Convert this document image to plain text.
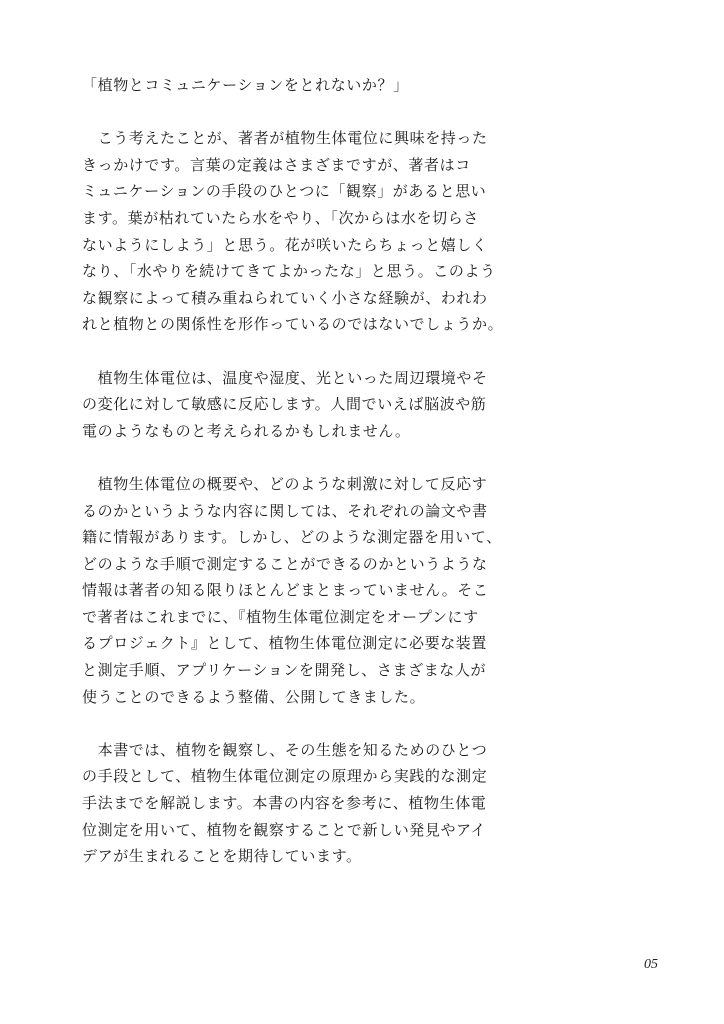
「植物とコミュニケーションをとれないか？」
　こう考えたことが、著者が植物生体電位に興味を持った
きっかけです。言葉の定義はさまざまですが、著者はコ
ミュニケーションの手段のひとつに「観察」があると思い
ます。葉が枯れていたら水をやり、「次からは水を切らさ
ないようにしよう」と思う。花が咲いたらちょっと嬉しく
なり、「水やりを続けてきてよかったな」と思う。このよう
な観察によって積み重ねられていく小さな経験が、われわ
れと植物との関係性を形作っているのではないでしょうか。
　植物生体電位は、温度や湿度、光といった周辺環境やそ
の変化に対して敏感に反応します。人間でいえば脳波や筋
電のようなものと考えられるかもしれません。
　植物生体電位の概要や、どのような刺激に対して反応す
るのかというような内容に関しては、それぞれの論文や書
籍に情報があります。しかし、どのような測定器を用いて、
どのような手順で測定することができるのかというような
情報は著者の知る限りほとんどまとまっていません。そこ
で著者はこれまでに、『植物生体電位測定をオープンにす
るプロジェクト』として、植物生体電位測定に必要な装置
と測定手順、アプリケーションを開発し、さまざまな人が
使うことのできるよう整備、公開してきました。
　本書では、植物を観察し、その生態を知るためのひとつ
の手段として、植物生体電位測定の原理から実践的な測定
手法までを解説します。本書の内容を参考に、植物生体電
位測定を用いて、植物を観察することで新しい発見やアイ
デアが生まれることを期待しています。
05
